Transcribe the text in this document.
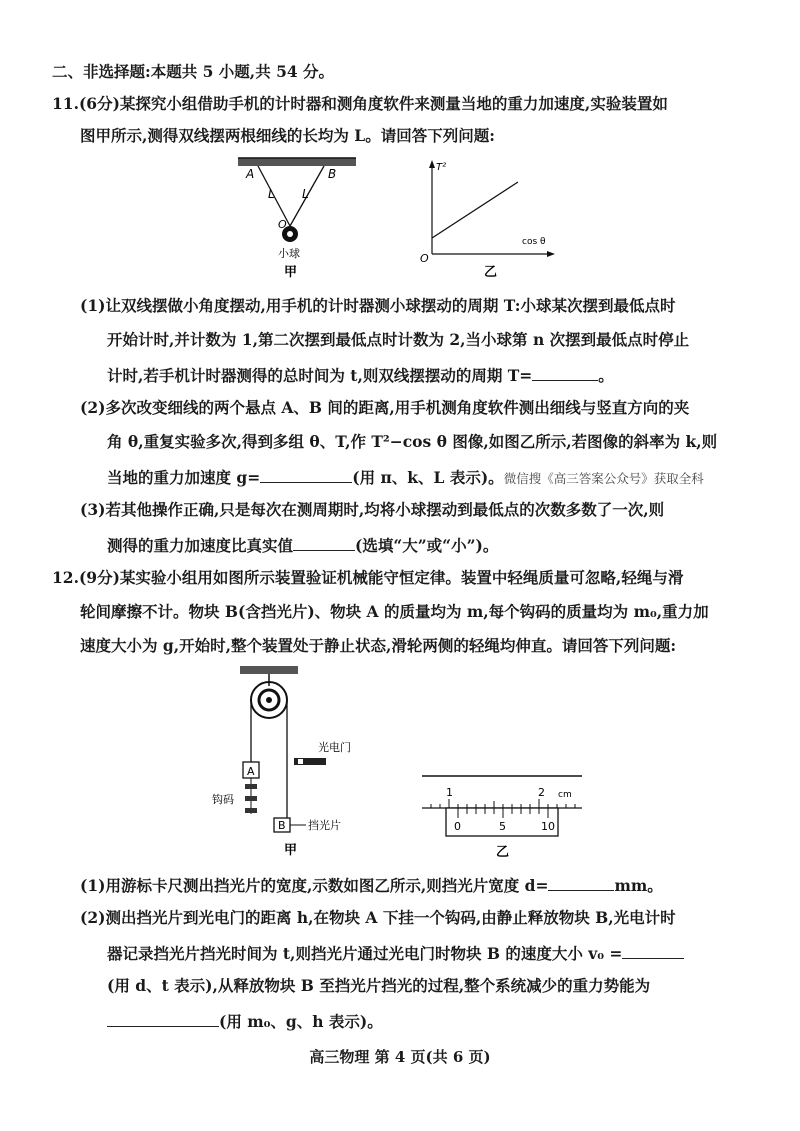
二、非选择题:本题共 5 小题,共 54 分。
11.(6分)某探究小组借助手机的计时器和测角度软件来测量当地的重力加速度,实验装置如
图甲所示,测得双线摆两根细线的长均为 L。请回答下列问题:
A	B
L L
O
小球
甲
T²
cos θ
O
乙
(1)让双线摆做小角度摆动,用手机的计时器测小球摆动的周期 T:小球某次摆到最低点时
开始计时,并计数为 1,第二次摆到最低点时计数为 2,当小球第 n 次摆到最低点时停止
计时,若手机计时器测得的总时间为 t,则双线摆摆动的周期 T=	。
(2)多次改变细线的两个悬点 A、B 间的距离,用手机测角度软件测出细线与竖直方向的夹
角 θ,重复实验多次,得到多组 θ、T,作 T²−cos θ 图像,如图乙所示,若图像的斜率为 k,则
当地的重力加速度 g=	(用 π、k、L 表示)。微信搜《高三答案公众号》获取全科
(3)若其他操作正确,只是每次在测周期时,均将小球摆动到最低点的次数多数了一次,则
测得的重力加速度比真实值	(选填“大”或“小”)。
12.(9分)某实验小组用如图所示装置验证机械能守恒定律。装置中轻绳质量可忽略,轻绳与滑
轮间摩擦不计。物块 B(含挡光片)、物块 A 的质量均为 m,每个钩码的质量均为 m₀,重力加
速度大小为 g,开始时,整个装置处于静止状态,滑轮两侧的轻绳均伸直。请回答下列问题:
A
钩码
B 挡光片
光电门
甲
1	2 cm
0	5	10
乙
(1)用游标卡尺测出挡光片的宽度,示数如图乙所示,则挡光片宽度 d=	mm。
(2)测出挡光片到光电门的距离 h,在物块 A 下挂一个钩码,由静止释放物块 B,光电计时
器记录挡光片挡光时间为 t,则挡光片通过光电门时物块 B 的速度大小 v₀ =
(用 d、t 表示),从释放物块 B 至挡光片挡光的过程,整个系统减少的重力势能为
(用 m₀、g、h 表示)。
高三物理 第 4 页(共 6 页)
